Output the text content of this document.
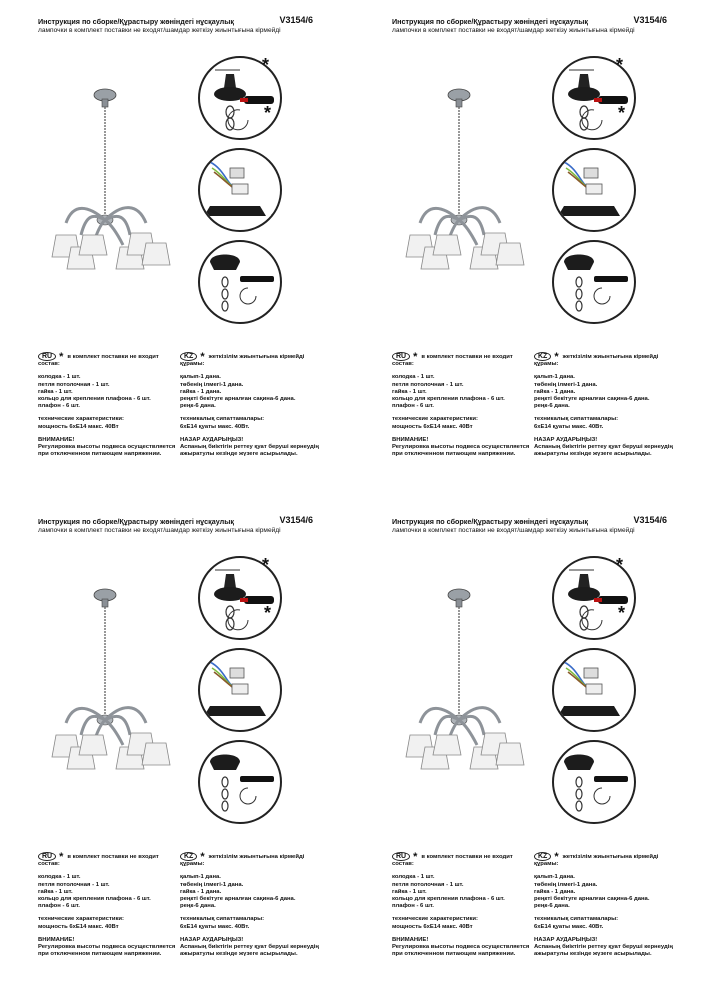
Инструкция по сборке/Құрастыру жөніндегі нұсқаулық	V3154/6
лампочки в комплект поставки не входят/шамдар жеткізу жиынтығына кірмейді
*
*
RU * в комплект поставки не входит
состав:
колодка - 1 шт.
петля потолочная - 1 шт.
гайка - 1 шт.
кольцо для крепления плафона - 6 шт.
плафон - 6 шт.
технические характеристики:
мощность 6хЕ14 макс. 40Вт
ВНИМАНИЕ!
Регулировка высоты подвеса осуществляется
при отключенном питающем напряжении.
KZ * жеткізілім жиынтығына кірмейді
құрамы:
қалып-1 дана.
төбенің ілмегі-1 дана.
гайка - 1 дана.
реңкті бекітуге арналған сақина-6 дана.
реңк-6 дана.
техникалық сипаттамалары:
6хЕ14 қуаты макс. 40Вт.
НАЗАР АУДАРЫҢЫЗ!
Аспаның биіктігін реттеу қуат беруші кернеудің
ажыратулы кезінде жүзеге асырылады.
Инструкция по сборке/Құрастыру жөніндегі нұсқаулық	V3154/6
лампочки в комплект поставки не входят/шамдар жеткізу жиынтығына кірмейді
*
*
RU * в комплект поставки не входит
состав:
колодка - 1 шт.
петля потолочная - 1 шт.
гайка - 1 шт.
кольцо для крепления плафона - 6 шт.
плафон - 6 шт.
технические характеристики:
мощность 6хЕ14 макс. 40Вт
ВНИМАНИЕ!
Регулировка высоты подвеса осуществляется
при отключенном питающем напряжении.
KZ * жеткізілім жиынтығына кірмейді
құрамы:
қалып-1 дана.
төбенің ілмегі-1 дана.
гайка - 1 дана.
реңкті бекітуге арналған сақина-6 дана.
реңк-6 дана.
техникалық сипаттамалары:
6хЕ14 қуаты макс. 40Вт.
НАЗАР АУДАРЫҢЫЗ!
Аспаның биіктігін реттеу қуат беруші кернеудің
ажыратулы кезінде жүзеге асырылады.
Инструкция по сборке/Құрастыру жөніндегі нұсқаулық	V3154/6
лампочки в комплект поставки не входят/шамдар жеткізу жиынтығына кірмейді
*
*
RU * в комплект поставки не входит
состав:
колодка - 1 шт.
петля потолочная - 1 шт.
гайка - 1 шт.
кольцо для крепления плафона - 6 шт.
плафон - 6 шт.
технические характеристики:
мощность 6хЕ14 макс. 40Вт
ВНИМАНИЕ!
Регулировка высоты подвеса осуществляется
при отключенном питающем напряжении.
KZ * жеткізілім жиынтығына кірмейді
құрамы:
қалып-1 дана.
төбенің ілмегі-1 дана.
гайка - 1 дана.
реңкті бекітуге арналған сақина-6 дана.
реңк-6 дана.
техникалық сипаттамалары:
6хЕ14 қуаты макс. 40Вт.
НАЗАР АУДАРЫҢЫЗ!
Аспаның биіктігін реттеу қуат беруші кернеудің
ажыратулы кезінде жүзеге асырылады.
Инструкция по сборке/Құрастыру жөніндегі нұсқаулық	V3154/6
лампочки в комплект поставки не входят/шамдар жеткізу жиынтығына кірмейді
*
*
RU * в комплект поставки не входит
состав:
колодка - 1 шт.
петля потолочная - 1 шт.
гайка - 1 шт.
кольцо для крепления плафона - 6 шт.
плафон - 6 шт.
технические характеристики:
мощность 6хЕ14 макс. 40Вт
ВНИМАНИЕ!
Регулировка высоты подвеса осуществляется
при отключенном питающем напряжении.
KZ * жеткізілім жиынтығына кірмейді
құрамы:
қалып-1 дана.
төбенің ілмегі-1 дана.
гайка - 1 дана.
реңкті бекітуге арналған сақина-6 дана.
реңк-6 дана.
техникалық сипаттамалары:
6хЕ14 қуаты макс. 40Вт.
НАЗАР АУДАРЫҢЫЗ!
Аспаның биіктігін реттеу қуат беруші кернеудің
ажыратулы кезінде жүзеге асырылады.
